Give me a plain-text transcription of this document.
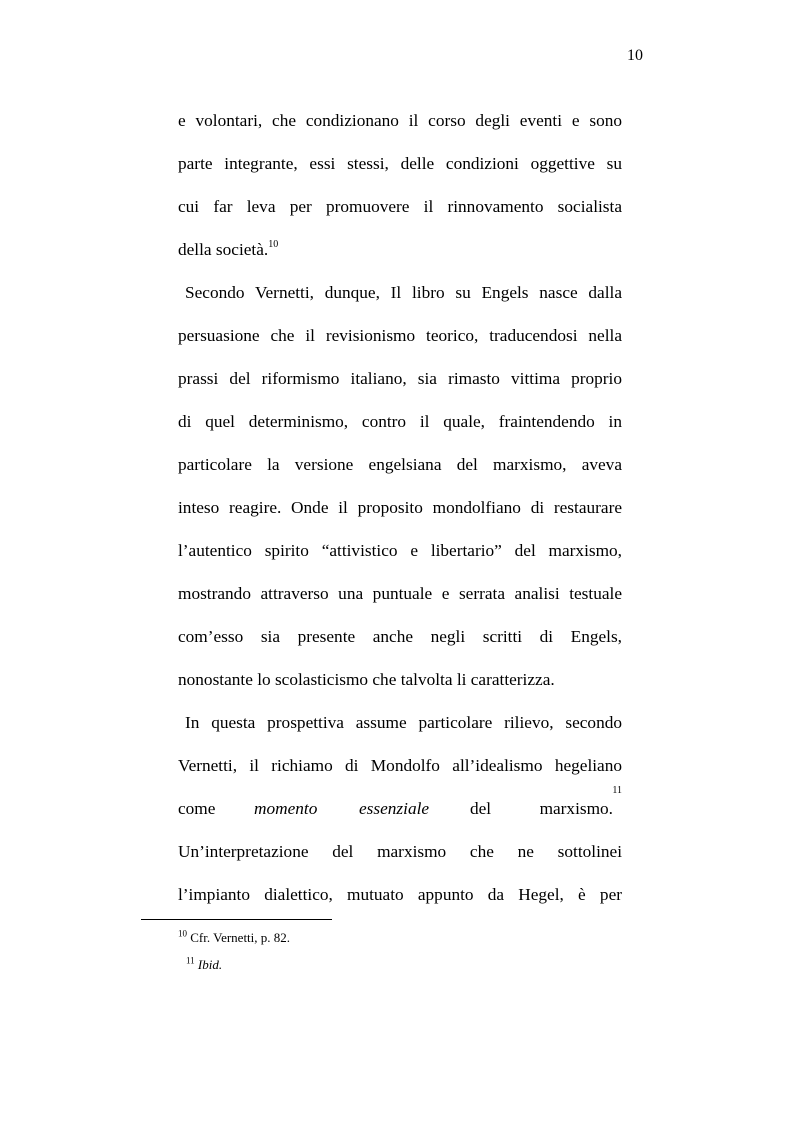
10
e volontari, che condizionano il corso degli eventi e sono
parte integrante, essi stessi, delle condizioni oggettive su
cui far leva per promuovere il rinnovamento socialista
della società.$^{10}$
Secondo Vernetti, dunque, Il libro su Engels nasce dalla
persuasione che il revisionismo teorico, traducendosi nella
prassi del riformismo italiano, sia rimasto vittima proprio
di quel determinismo, contro il quale, fraintendendo in
particolare la versione engelsiana del marxismo, aveva
inteso reagire. Onde il proposito mondolfiano di restaurare
l’autentico spirito “attivistico e libertario” del marxismo,
mostrando attraverso una puntuale e serrata analisi testuale
com’esso sia presente anche negli scritti di Engels,
nonostante lo scolasticismo che talvolta li caratterizza.
In questa prospettiva assume particolare rilievo, secondo
Vernetti, il richiamo di Mondolfo all’idealismo hegeliano
come momento essenziale del	marxismo.
11
Un’interpretazione del marxismo che ne sottolinei
l’impianto dialettico, mutuato appunto da Hegel, è per
$^{10}$ Cfr. Vernetti, p. 82.
$^{11}$ Ibid.
